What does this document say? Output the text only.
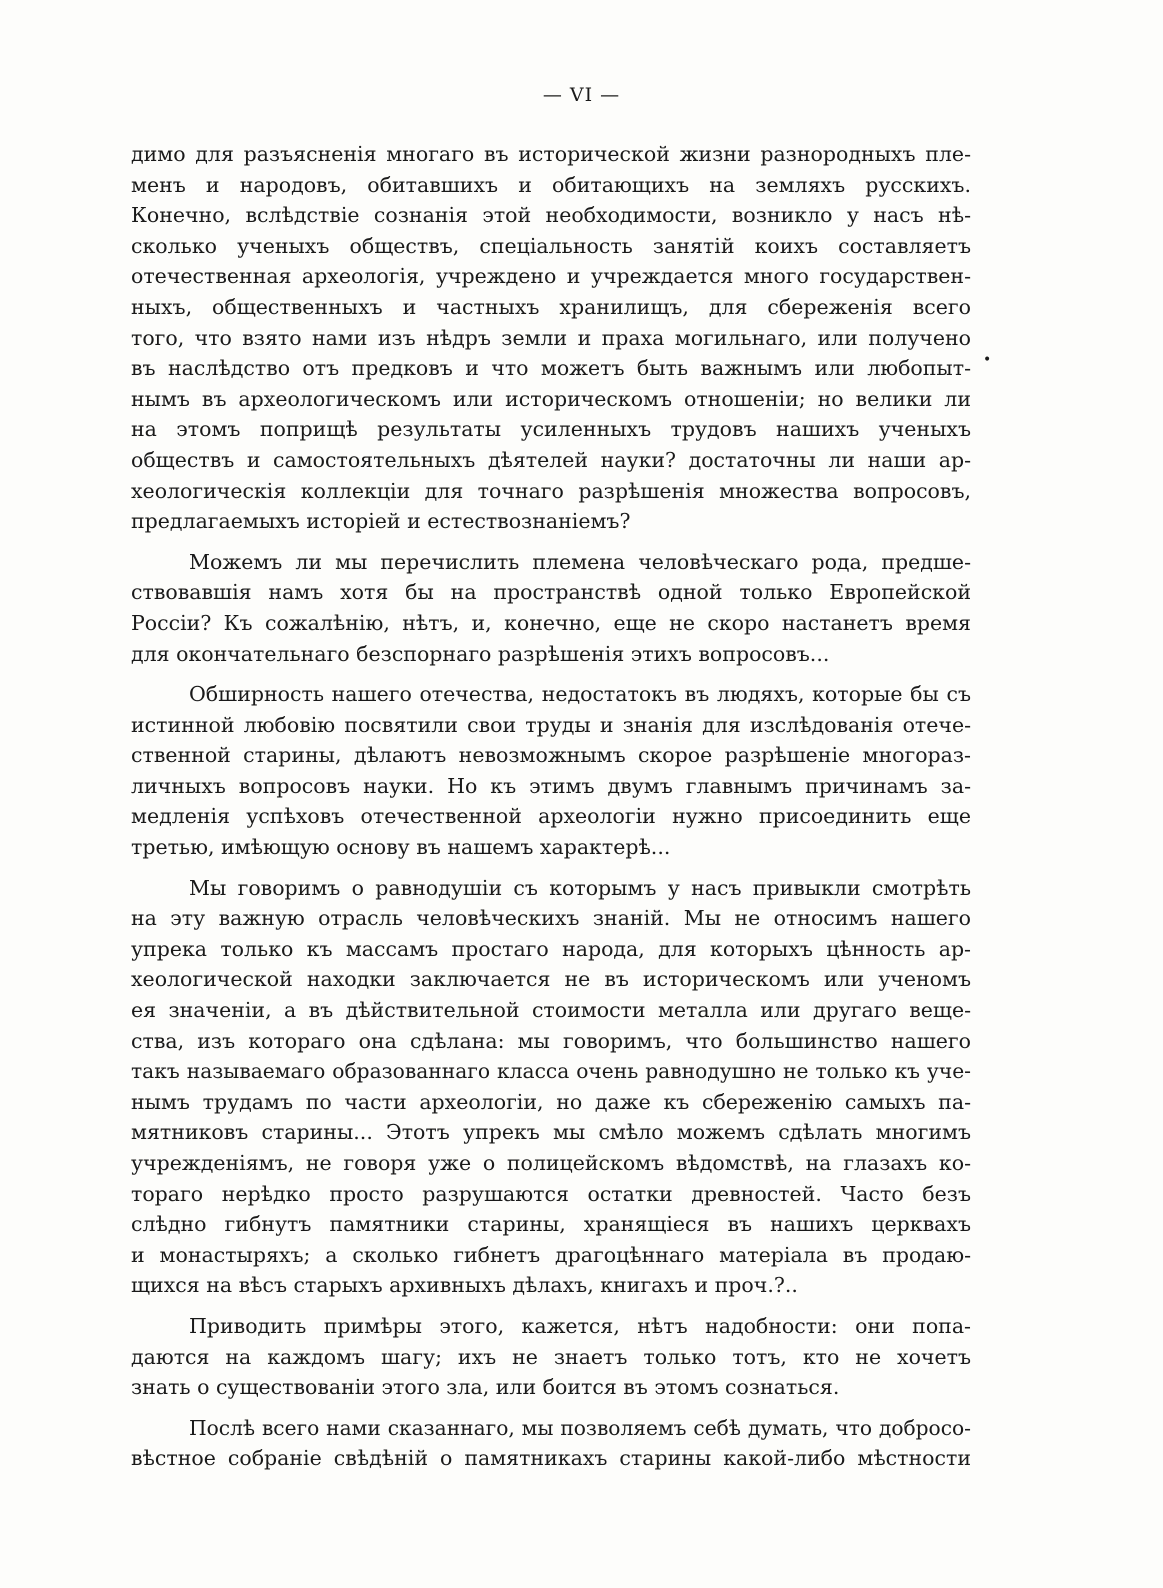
— VI —
•
димо для разъясненія многаго въ исторической жизни разнородныхъ пле-
менъ и народовъ, обитавшихъ и обитающихъ на земляхъ русскихъ.
Конечно, вслѣдствіе сознанія этой необходимости, возникло у насъ нѣ-
сколько ученыхъ обществъ, спеціальность занятій коихъ составляетъ
отечественная археологія, учреждено и учреждается много государствен-
ныхъ, общественныхъ и частныхъ хранилищъ, для сбереженія всего
того, что взято нами изъ нѣдръ земли и праха могильнаго, или получено
въ наслѣдство отъ предковъ и что можетъ быть важнымъ или любопыт-
нымъ въ археологическомъ или историческомъ отношеніи; но велики ли
на этомъ поприщѣ результаты усиленныхъ трудовъ нашихъ ученыхъ
обществъ и самостоятельныхъ дѣятелей науки? достаточны ли наши ар-
хеологическія коллекціи для точнаго разрѣшенія множества вопросовъ,
предлагаемыхъ исторіей и естествознаніемъ?
Можемъ ли мы перечислить племена человѣческаго рода, предше-
ствовавшія намъ хотя бы на пространствѣ одной только Европейской
Россіи? Къ сожалѣнію, нѣтъ, и, конечно, еще не скоро настанетъ время
для окончательнаго безспорнаго разрѣшенія этихъ вопросовъ...
Обширность нашего отечества, недостатокъ въ людяхъ, которые бы съ
истинной любовію посвятили свои труды и знанія для изслѣдованія отече-
ственной старины, дѣлаютъ невозможнымъ скорое разрѣшеніе многораз-
личныхъ вопросовъ науки. Но къ этимъ двумъ главнымъ причинамъ за-
медленія успѣховъ отечественной археологіи нужно присоединить еще
третью, имѣющую основу въ нашемъ характерѣ...
Мы говоримъ о равнодушіи съ которымъ у насъ привыкли смотрѣть
на эту важную отрасль человѣческихъ знаній. Мы не относимъ нашего
упрека только къ массамъ простаго народа, для которыхъ цѣнность ар-
хеологической находки заключается не въ историческомъ или ученомъ
ея значеніи, а въ дѣйствительной стоимости металла или другаго веще-
ства, изъ котораго она сдѣлана: мы говоримъ, что большинство нашего
такъ называемаго образованнаго класса очень равнодушно не только къ уче-
нымъ трудамъ по части археологіи, но даже къ сбереженію самыхъ па-
мятниковъ старины... Этотъ упрекъ мы смѣло можемъ сдѣлать многимъ
учрежденіямъ, не говоря уже о полицейскомъ вѣдомствѣ, на глазахъ ко-
тораго нерѣдко просто разрушаются остатки древностей. Часто безъ
слѣдно гибнутъ памятники старины, хранящіеся въ нашихъ церквахъ
и монастыряхъ; а сколько гибнетъ драгоцѣннаго матеріала въ продаю-
щихся на вѣсъ старыхъ архивныхъ дѣлахъ, книгахъ и проч.?..
Приводить примѣры этого, кажется, нѣтъ надобности: они попа-
даются на каждомъ шагу; ихъ не знаетъ только тотъ, кто не хочетъ
знать о существованіи этого зла, или боится въ этомъ сознаться.
Послѣ всего нами сказаннаго, мы позволяемъ себѣ думать, что добросо-
вѣстное собраніе свѣдѣній о памятникахъ старины какой-либо мѣстности
